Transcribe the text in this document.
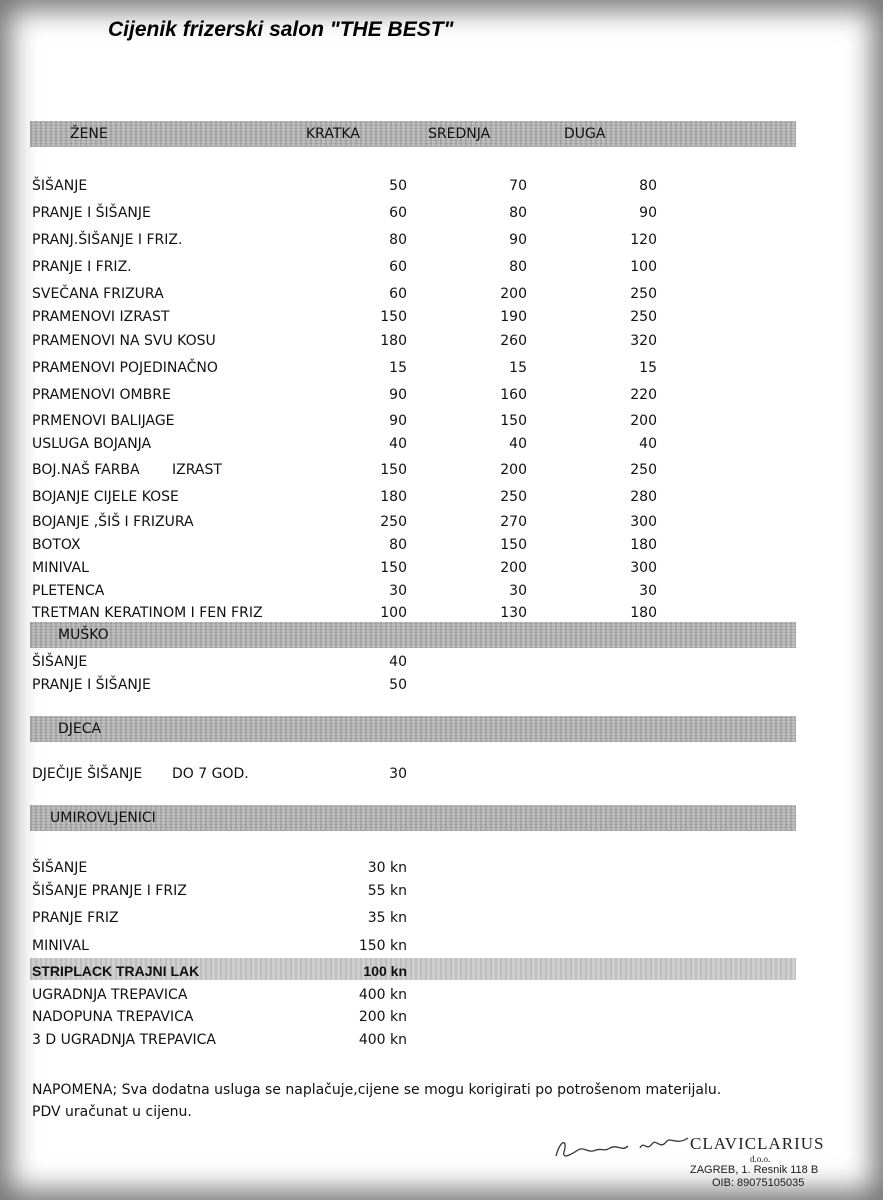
Cijenik frizerski salon "THE BEST"
ŽENE	KRATKA	SREDNJA	DUGA
ŠIŠANJE	50	70	80
PRANJE I ŠIŠANJE	60	80	90
PRANJ.ŠIŠANJE I FRIZ.	80	90	120
PRANJE I FRIZ.	60	80	100
SVEČANA FRIZURA	60	200	250
PRAMENOVI IZRAST	150	190	250
PRAMENOVI NA SVU KOSU	180	260	320
PRAMENOVI POJEDINAČNO	15	15	15
PRAMENOVI OMBRE	90	160	220
PRMENOVI BALIJAGE	90	150	200
USLUGA BOJANJA	40	40	40
BOJ.NAŠ FARBA IZRAST	150	200	250
BOJANJE CIJELE KOSE	180	250	280
BOJANJE ,ŠIŠ I FRIZURA	250	270	300
BOTOX	80	150	180
MINIVAL	150	200	300
PLETENCA	30	30	30
TRETMAN KERATINOM I FEN FRIZ	100	130	180
MUŠKO
ŠIŠANJE	40
PRANJE I ŠIŠANJE	50
DJECA
DJEČIJE ŠIŠANJE DO 7 GOD.	30
UMIROVLJENICI
ŠIŠANJE	30 kn
ŠIŠANJE PRANJE I FRIZ	55 kn
PRANJE FRIZ	35 kn
MINIVAL	150 kn
STRIPLACK TRAJNI LAK	100 kn
UGRADNJA TREPAVICA	400 kn
NADOPUNA TREPAVICA	200 kn
3 D UGRADNJA TREPAVICA	400 kn
NAPOMENA; Sva dodatna usluga se naplačuje,cijene se mogu korigirati po potrošenom materijalu.
PDV uračunat u cijenu.
CLAVICLARIUS
d.o.o.
ZAGREB, 1. Resnik 118 B
OIB: 89075105035
